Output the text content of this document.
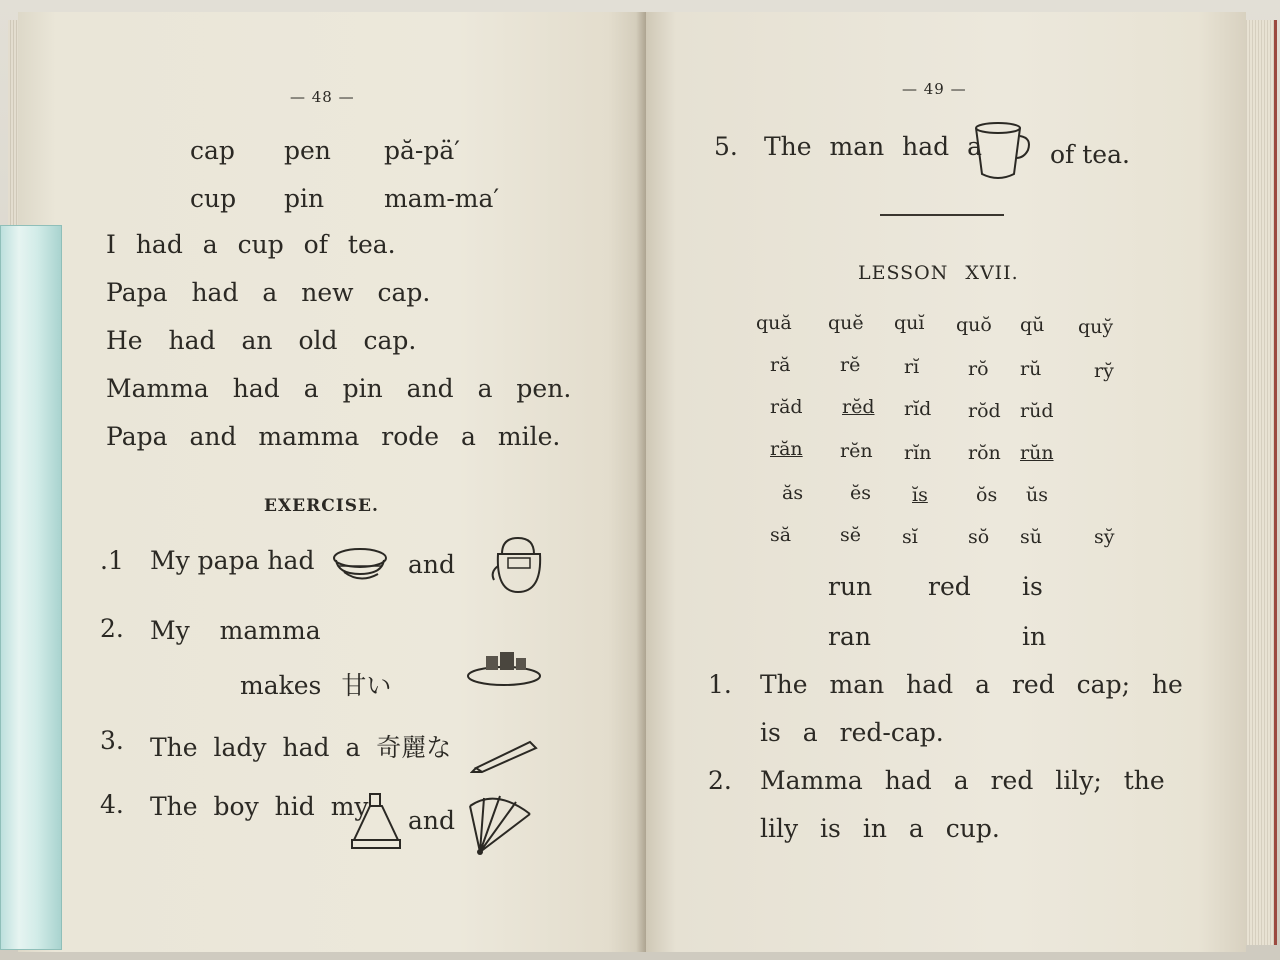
— 48 —
cap pen pă-pä′
cup pin mam-ma′
I had a cup of tea.
Papa had a new cap.
He had an old cap.
Mamma had a pin and a pen.
Papa and mamma rode a mile.
EXERCISE.
.1 My papa had	and
2. My mamma
makes 甘い
3. The lady had a 奇麗な
4. The boy hid my and
— 49 —
5. The man had a	of tea.
LESSON XVII.
quă quĕ quĭ quŏ qŭ quy̆
ră	rĕ rĭ	rŏ rŭ	ry̆
răd rĕd rĭd rŏd rŭd
răn rĕn rĭn rŏn rŭn
ăs ĕs ĭs	ŏs ŭs
să	sĕ sĭ	sŏ sŭ	sy̆
run red is
ran	in
1. The man had a red cap; he
is a red-cap.
2. Mamma had a red lily; the
lily is in a cup.
